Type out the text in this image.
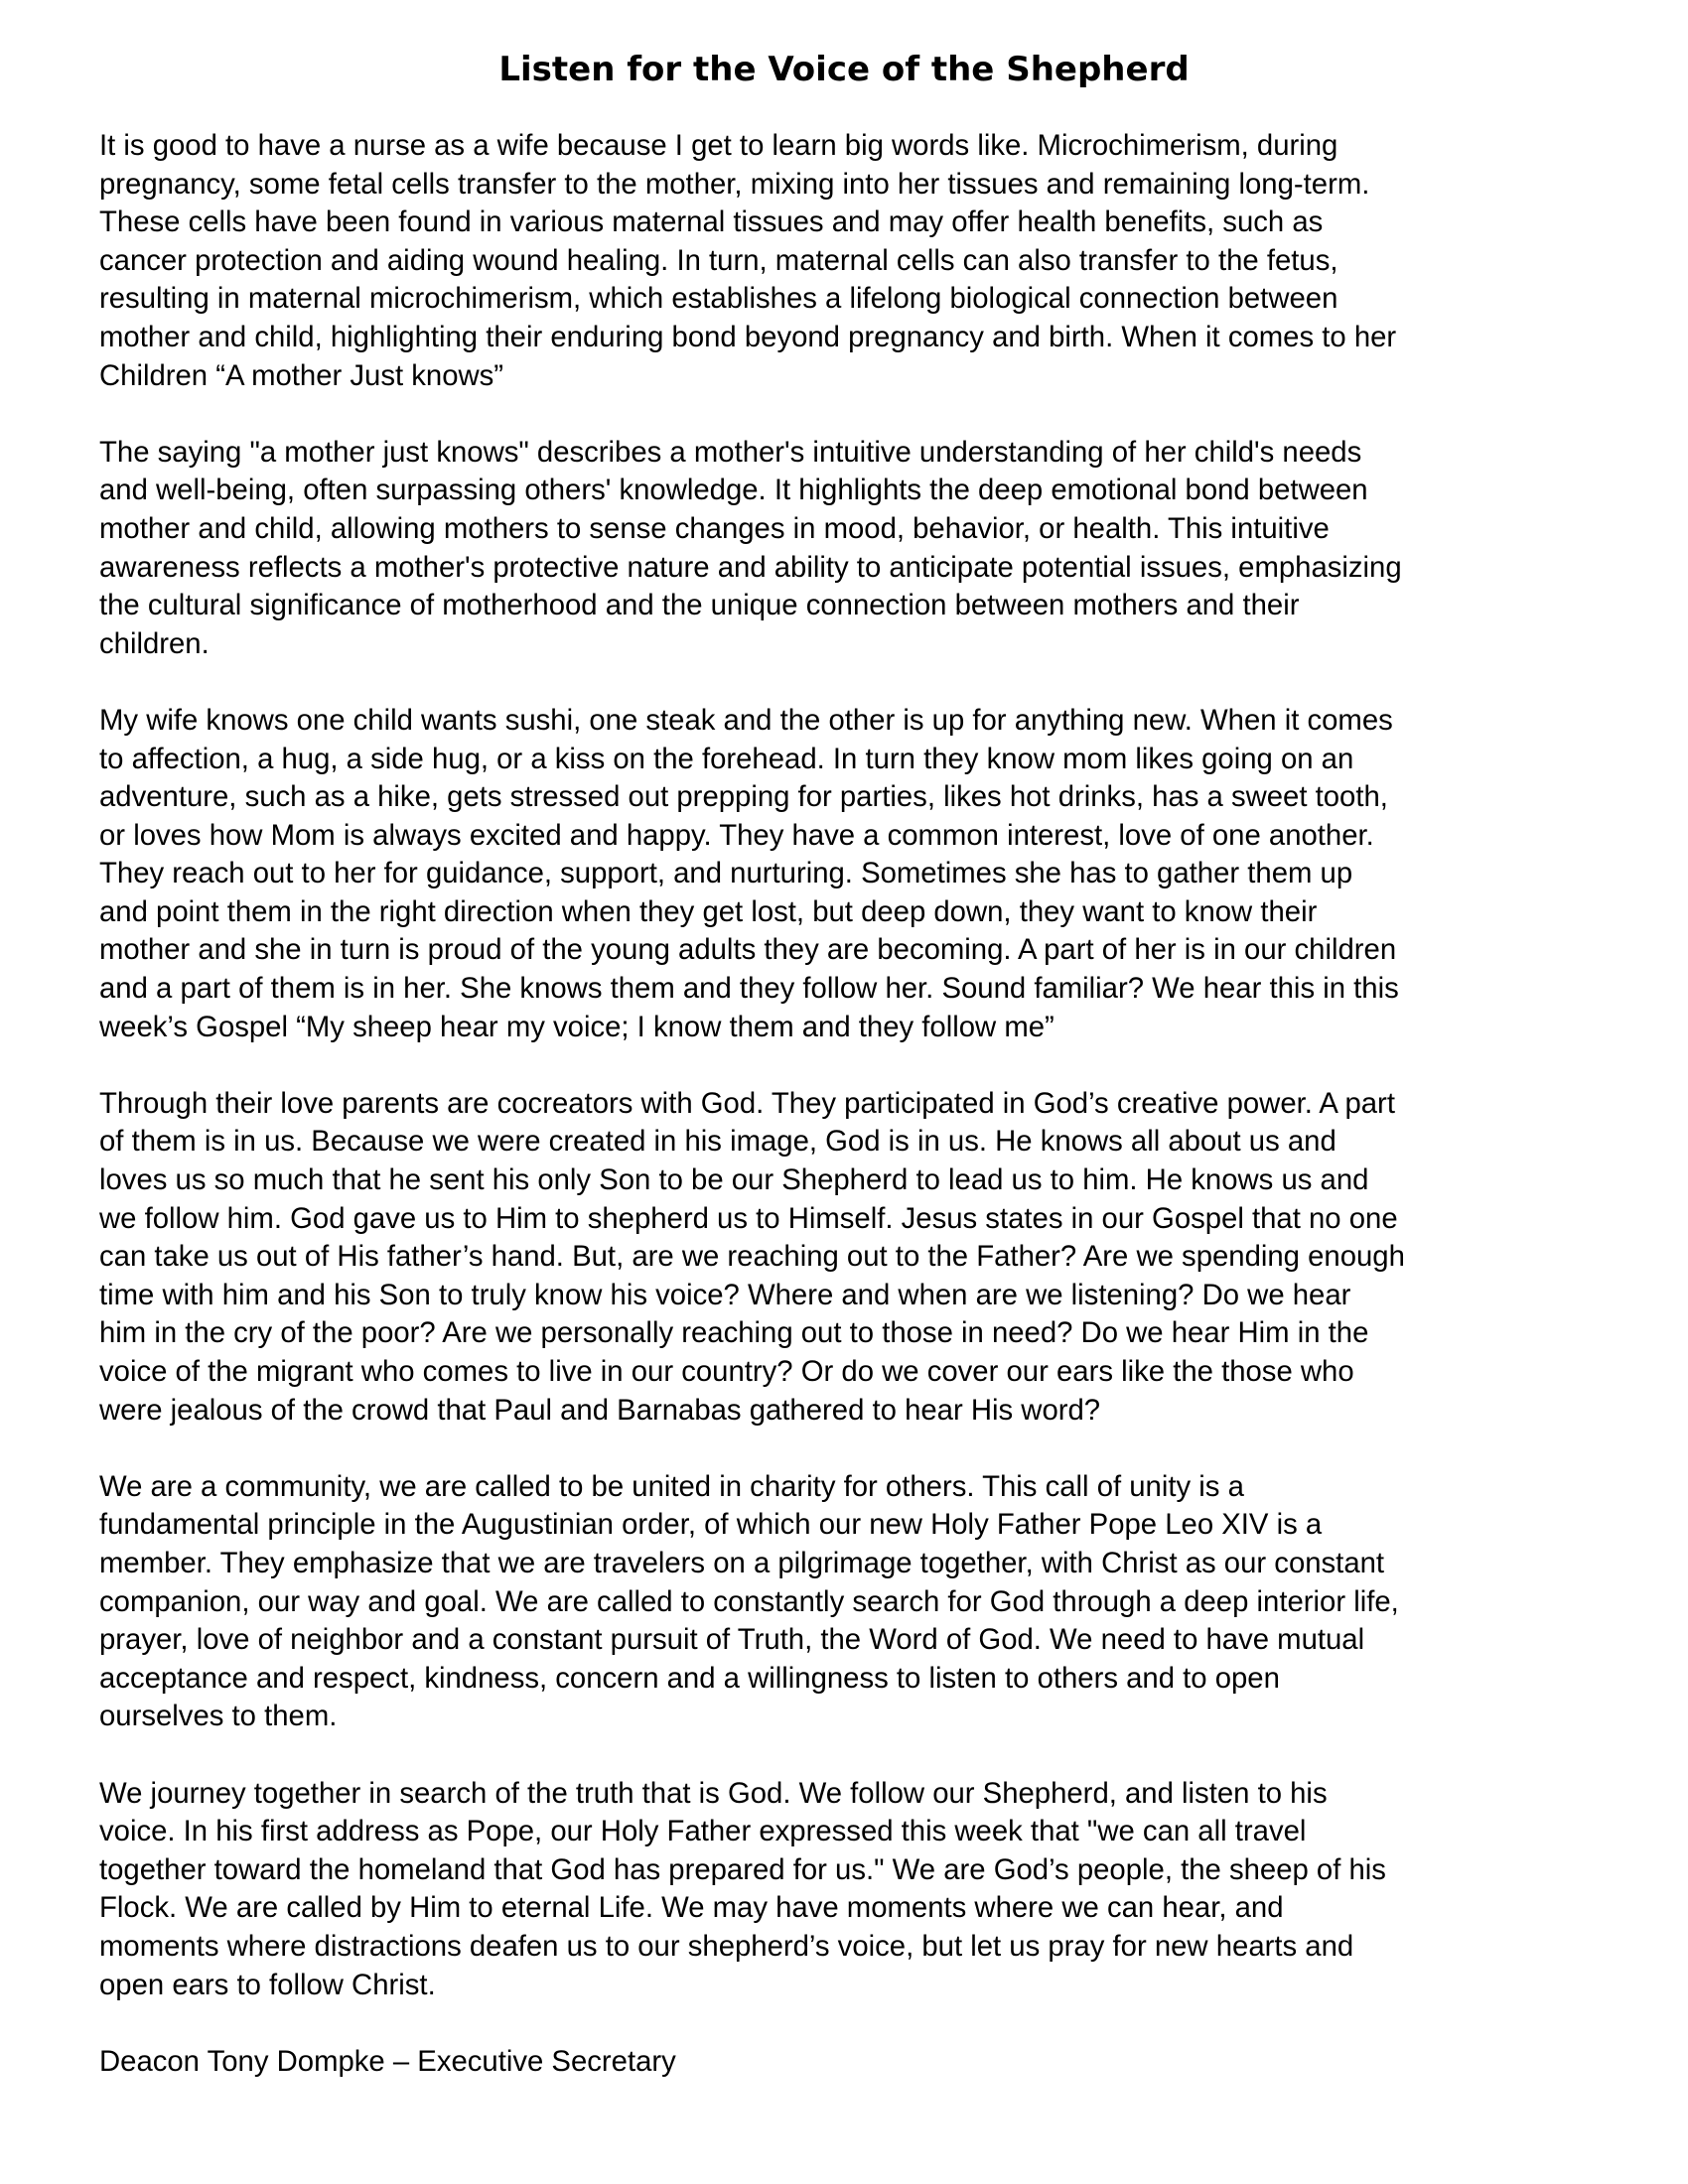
Listen for the Voice of the Shepherd

It is good to have a nurse as a wife because I get to learn big words like. Microchimerism, during
pregnancy, some fetal cells transfer to the mother, mixing into her tissues and remaining long-term.
These cells have been found in various maternal tissues and may offer health benefits, such as
cancer protection and aiding wound healing. In turn, maternal cells can also transfer to the fetus,
resulting in maternal microchimerism, which establishes a lifelong biological connection between
mother and child, highlighting their enduring bond beyond pregnancy and birth. When it comes to her
Children “A mother Just knows”

The saying "a mother just knows" describes a mother's intuitive understanding of her child's needs
and well-being, often surpassing others' knowledge. It highlights the deep emotional bond between
mother and child, allowing mothers to sense changes in mood, behavior, or health. This intuitive
awareness reflects a mother's protective nature and ability to anticipate potential issues, emphasizing
the cultural significance of motherhood and the unique connection between mothers and their
children.

My wife knows one child wants sushi, one steak and the other is up for anything new. When it comes
to affection, a hug, a side hug, or a kiss on the forehead. In turn they know mom likes going on an
adventure, such as a hike, gets stressed out prepping for parties, likes hot drinks, has a sweet tooth,
or loves how Mom is always excited and happy. They have a common interest, love of one another.
They reach out to her for guidance, support, and nurturing. Sometimes she has to gather them up
and point them in the right direction when they get lost, but deep down, they want to know their
mother and she in turn is proud of the young adults they are becoming. A part of her is in our children
and a part of them is in her. She knows them and they follow her. Sound familiar? We hear this in this
week’s Gospel “My sheep hear my voice; I know them and they follow me”

Through their love parents are cocreators with God. They participated in God’s creative power. A part
of them is in us. Because we were created in his image, God is in us. He knows all about us and
loves us so much that he sent his only Son to be our Shepherd to lead us to him. He knows us and
we follow him. God gave us to Him to shepherd us to Himself. Jesus states in our Gospel that no one
can take us out of His father’s hand. But, are we reaching out to the Father? Are we spending enough
time with him and his Son to truly know his voice? Where and when are we listening? Do we hear
him in the cry of the poor? Are we personally reaching out to those in need? Do we hear Him in the
voice of the migrant who comes to live in our country? Or do we cover our ears like the those who
were jealous of the crowd that Paul and Barnabas gathered to hear His word?

We are a community, we are called to be united in charity for others. This call of unity is a
fundamental principle in the Augustinian order, of which our new Holy Father Pope Leo XIV is a
member. They emphasize that we are travelers on a pilgrimage together, with Christ as our constant
companion, our way and goal. We are called to constantly search for God through a deep interior life,
prayer, love of neighbor and a constant pursuit of Truth, the Word of God. We need to have mutual
acceptance and respect, kindness, concern and a willingness to listen to others and to open
ourselves to them.

We journey together in search of the truth that is God. We follow our Shepherd, and listen to his
voice. In his first address as Pope, our Holy Father expressed this week that "we can all travel
together toward the homeland that God has prepared for us." We are God’s people, the sheep of his
Flock. We are called by Him to eternal Life. We may have moments where we can hear, and
moments where distractions deafen us to our shepherd’s voice, but let us pray for new hearts and
open ears to follow Christ.

Deacon Tony Dompke – Executive Secretary
